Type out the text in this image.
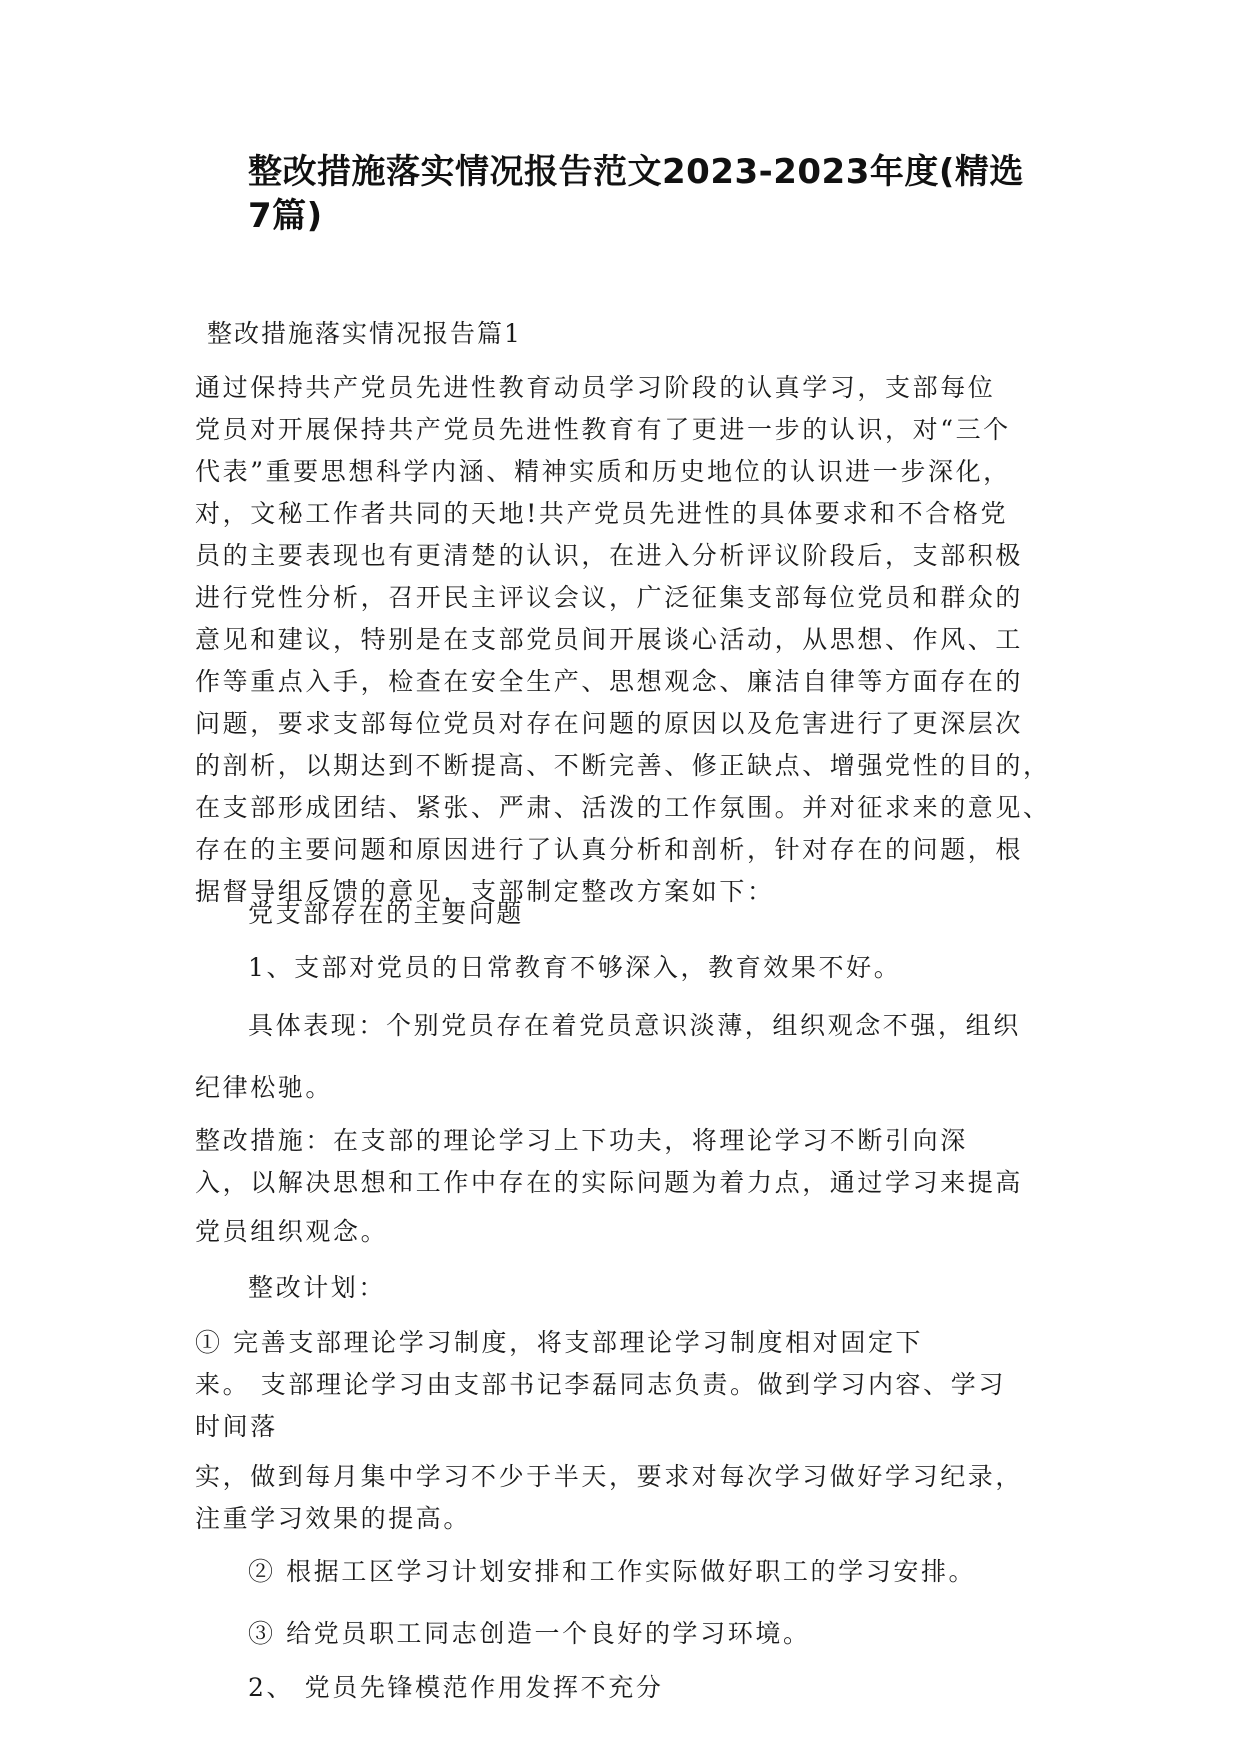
整改措施落实情况报告范文2023-2023年度(精选7篇)

整改措施落实情况报告篇1

通过保持共产党员先进性教育动员学习阶段的认真学习，支部每位
党员对开展保持共产党员先进性教育有了更进一步的认识，对“三个
代表”重要思想科学内涵、精神实质和历史地位的认识进一步深化，
对，文秘工作者共同的天地!共产党员先进性的具体要求和不合格党
员的主要表现也有更清楚的认识，在进入分析评议阶段后，支部积极
进行党性分析，召开民主评议会议，广泛征集支部每位党员和群众的
意见和建议，特别是在支部党员间开展谈心活动，从思想、作风、工
作等重点入手，检查在安全生产、思想观念、廉洁自律等方面存在的
问题，要求支部每位党员对存在问题的原因以及危害进行了更深层次
的剖析，以期达到不断提高、不断完善、修正缺点、增强党性的目的，
在支部形成团结、紧张、严肃、活泼的工作氛围。并对征求来的意见、
存在的主要问题和原因进行了认真分析和剖析，针对存在的问题，根
据督导组反馈的意见，支部制定整改方案如下：

党支部存在的主要问题

1、支部对党员的日常教育不够深入，教育效果不好。

具体表现：个别党员存在着党员意识淡薄，组织观念不强，组织

纪律松驰。

整改措施：在支部的理论学习上下功夫，将理论学习不断引向深
入，以解决思想和工作中存在的实际问题为着力点，通过学习来提高

党员组织观念。

整改计划：

① 完善支部理论学习制度，将支部理论学习制度相对固定下
来。 支部理论学习由支部书记李磊同志负责。做到学习内容、学习
时间落

实，做到每月集中学习不少于半天，要求对每次学习做好学习纪录，
注重学习效果的提高。

② 根据工区学习计划安排和工作实际做好职工的学习安排。

③ 给党员职工同志创造一个良好的学习环境。

2、 党员先锋模范作用发挥不充分
